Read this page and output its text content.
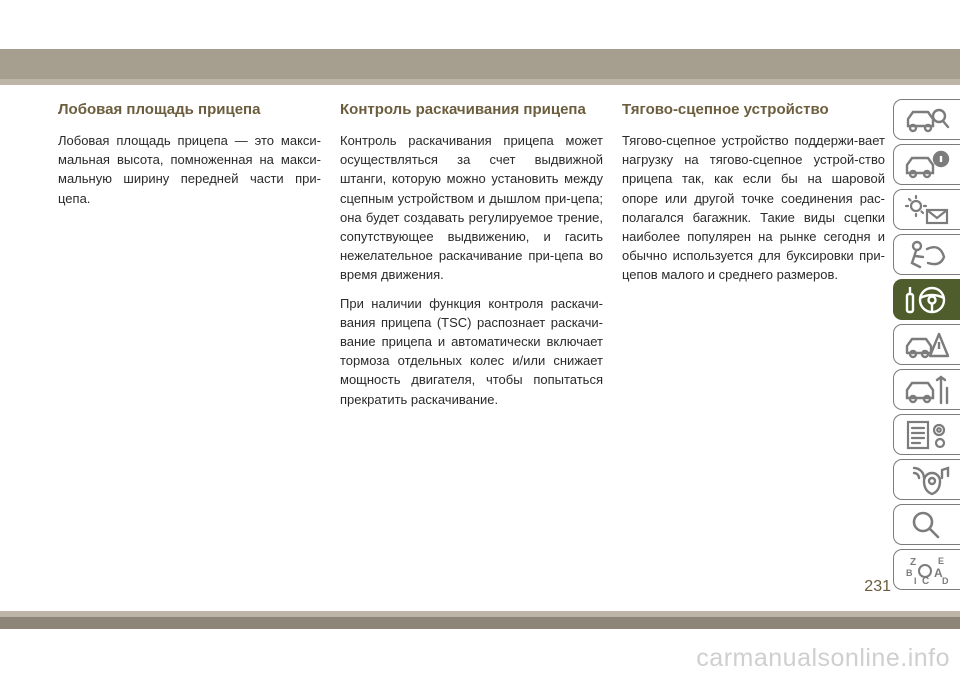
Лобовая площадь прицепа

Лобовая площадь прицепа — это макси-мальная высота, помноженная на макси-мальную ширину передней части при-цепа.

Контроль раскачивания прицепа

Контроль раскачивания прицепа может осуществляться за счет выдвижной штанги, которую можно установить между сцепным устройством и дышлом при-цепа; она будет создавать регулируемое трение, сопутствующее выдвижению, и гасить нежелательное раскачивание при-цепа во время движения.

При наличии функция контроля раскачи-вания прицепа (TSC) распознает раскачи-вание прицепа и автоматически включает тормоза отдельных колес и/или снижает мощность двигателя, чтобы попытаться прекратить раскачивание.

Тягово-сцепное устройство

Тягово-сцепное устройство поддержи-вает нагрузку на тягово-сцепное устрой-ство прицепа так, как если бы на шаровой опоре или другой точке соединения рас-полагался багажник. Такие виды сцепки наиболее популярен на рынке сегодня и обычно используется для буксировки при-цепов малого и среднего размеров.

Z E
B A
I C D
231
carmanualsonline.info
